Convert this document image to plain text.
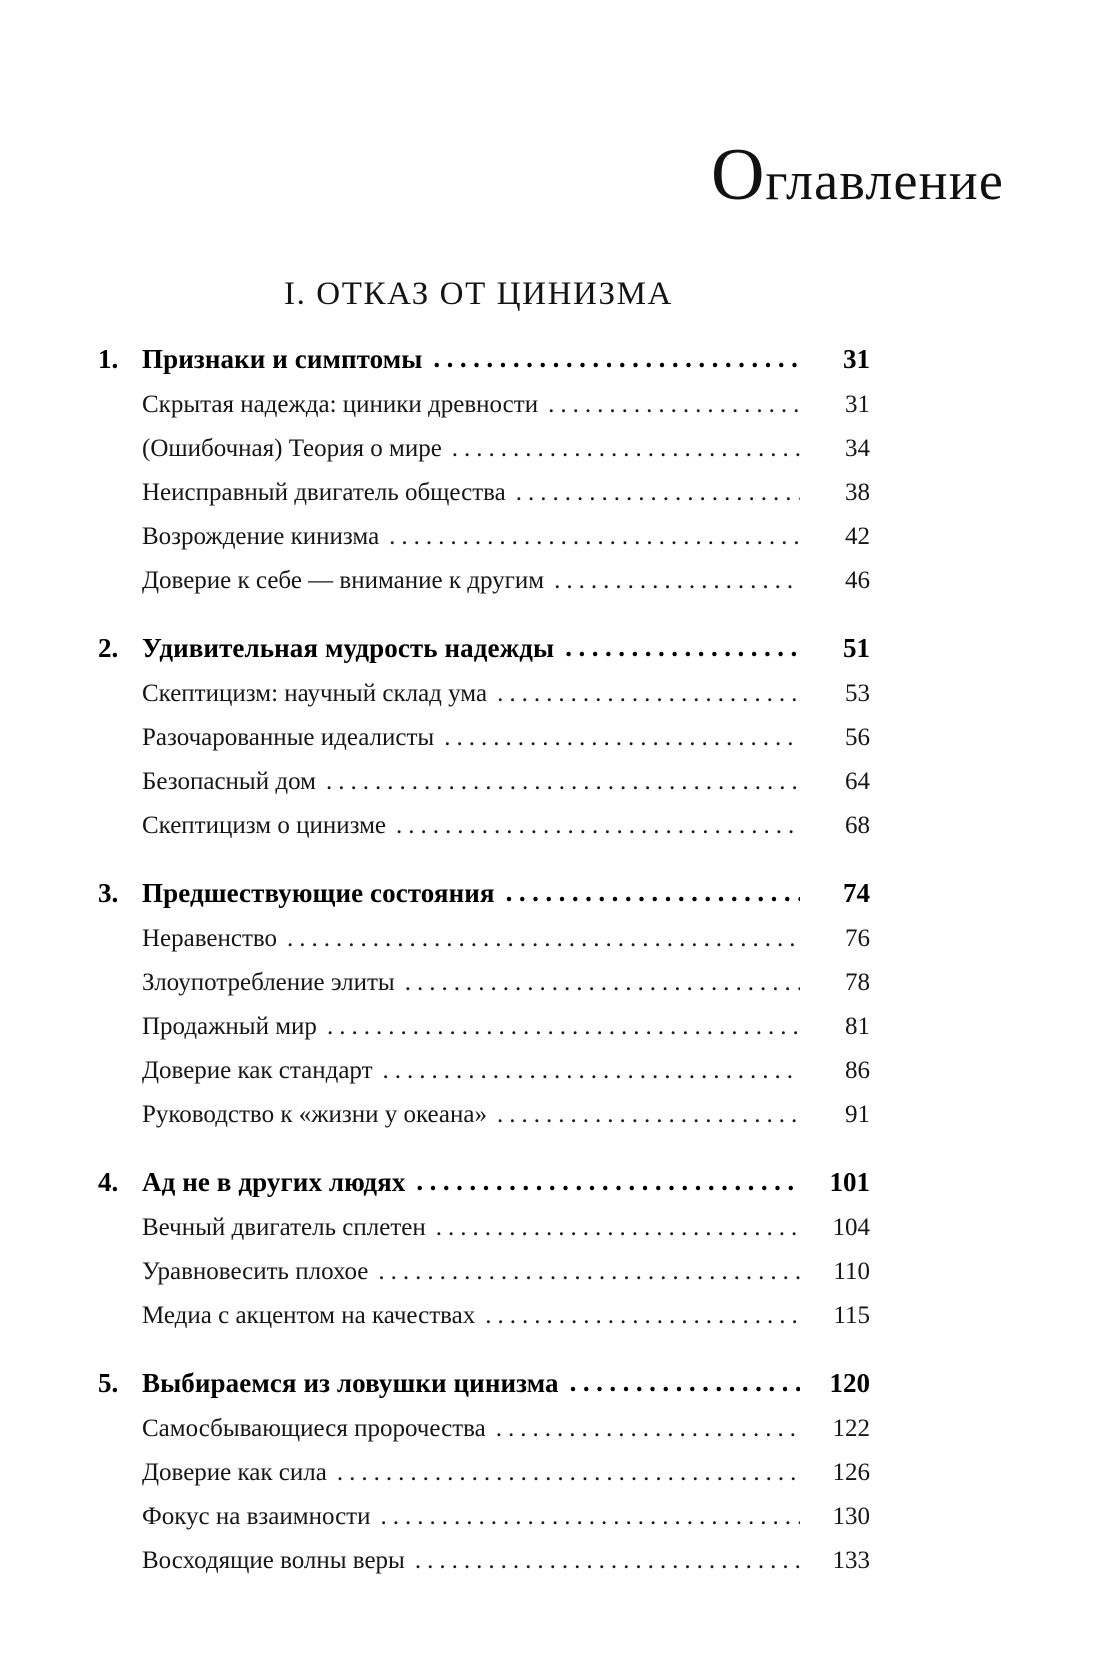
Оглавление
I. ОТКАЗ ОТ ЦИНИЗМА
1. Признаки и симптомы .....	31
Скрытая надежда: циники древности .....	31
(Ошибочная) Теория о мире .....	34
Неисправный двигатель общества .....	38
Возрождение кинизма .....	42
Доверие к себе — внимание к другим .....	46
2. Удивительная мудрость надежды .....	51
Скептицизм: научный склад ума .....	53
Разочарованные идеалисты .....	56
Безопасный дом .....	64
Скептицизм о цинизме .....	68
3. Предшествующие состояния .....	74
Неравенство .....	76
Злоупотребление элиты .....	78
Продажный мир .....	81
Доверие как стандарт .....	86
Руководство к «жизни у океана» .....	91
4. Ад не в других людях .....	101
Вечный двигатель сплетен .....	104
Уравновесить плохое .....	110
Медиа с акцентом на качествах .....	115
5. Выбираемся из ловушки цинизма .....	120
Самосбывающиеся пророчества .....	122
Доверие как сила .....	126
Фокус на взаимности .....	130
Восходящие волны веры .....	133
